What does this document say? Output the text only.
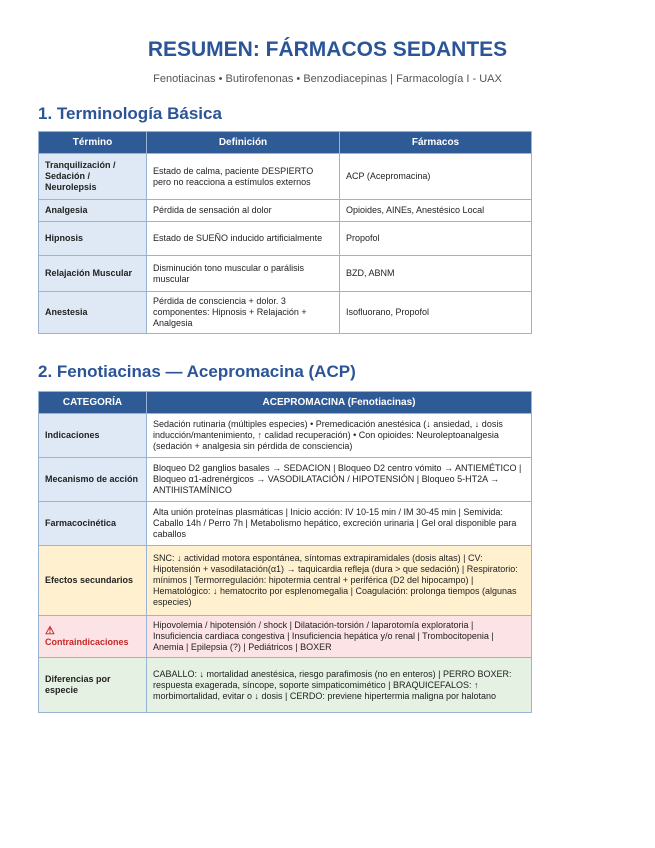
RESUMEN: FÁRMACOS SEDANTES
Fenotiacinas • Butirofenonas • Benzodiacepinas | Farmacología I - UAX
1. Terminología Básica
Término	Definición	Fármacos
Tranquilización / Sedación / Neurolepsis	Estado de calma, paciente DESPIERTO pero no reacciona a estímulos externos	ACP (Acepromacina)
Analgesia	Pérdida de sensación al dolor	Opioides, AINEs, Anestésico Local
Hipnosis	Estado de SUEÑO inducido artificialmente	Propofol
Relajación Muscular	Disminución tono muscular o parálisis muscular	BZD, ABNM
Anestesia	Pérdida de consciencia + dolor. 3 componentes: Hipnosis + Relajación + Analgesia	Isofluorano, Propofol
2. Fenotiacinas — Acepromacina (ACP)
CATEGORÍA	ACEPROMACINA (Fenotiacinas)
Indicaciones	Sedación rutinaria (múltiples especies) • Premedicación anestésica (↓ ansiedad, ↓ dosis inducción/mantenimiento, ↑ calidad recuperación) • Con opioides: Neuroleptoanalgesia (sedación + analgesia sin pérdida de consciencia)
Mecanismo de acción	Bloqueo D2 ganglios basales → SEDACION | Bloqueo D2 centro vómito → ANTIEMÉTICO | Bloqueo α1-adrenérgicos → VASODILATACIÓN / HIPOTENSIÓN | Bloqueo 5-HT2A → ANTIHISTAMÍNICO
Farmacocinética	Alta unión proteínas plasmáticas | Inicio acción: IV 10-15 min / IM 30-45 min | Semivida: Caballo 14h / Perro 7h | Metabolismo hepático, excreción urinaria | Gel oral disponible para caballos
Efectos secundarios	SNC: ↓ actividad motora espontánea, síntomas extrapiramidales (dosis altas) | CV: Hipotensión + vasodilatación(α1) → taquicardia refleja (dura > que sedación) | Respiratorio: mínimos | Termorregulación: hipotermia central + periférica (D2 del hipocampo) | Hematológico: ↓ hematocrito por esplenomegalia | Coagulación: prolonga tiempos (algunas especies)

⚠
Contraindicaciones	Hipovolemia / hipotensión / shock | Dilatación-torsión / laparotomía exploratoria | Insuficiencia cardiaca congestiva | Insuficiencia hepática y/o renal | Trombocitopenia | Anemia | Epilepsia (?) | Pediátricos | BOXER
Diferencias por especie	CABALLO: ↓ mortalidad anestésica, riesgo parafimosis (no en enteros) | PERRO BOXER: respuesta exagerada, síncope, soporte simpaticomimético | BRAQUICEFALOS: ↑ morbimortalidad, evitar o ↓ dosis | CERDO: previene hipertermia maligna por halotano
